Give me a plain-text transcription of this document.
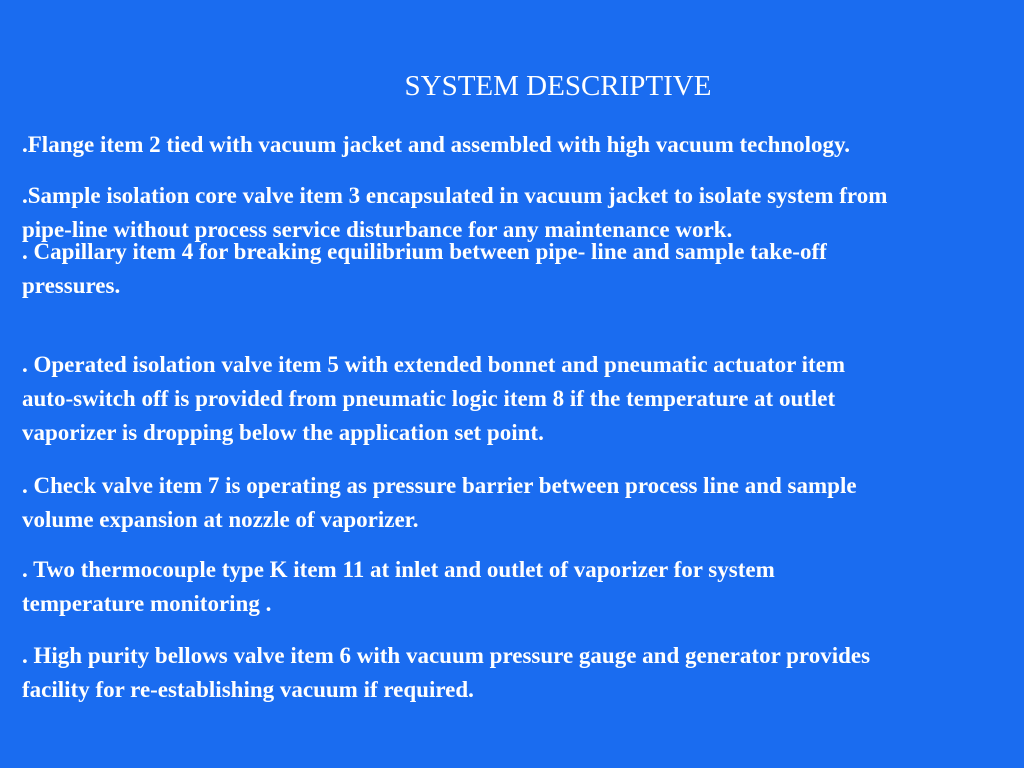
SYSTEM DESCRIPTIVE

.Flange item 2 tied with vacuum jacket and assembled with high vacuum technology.

.Sample isolation core valve item 3 encapsulated in vacuum jacket to isolate system from
pipe-line without process service disturbance for any maintenance work.

. Capillary item 4 for breaking equilibrium between pipe- line and sample take-off
pressures.

. Operated isolation valve item 5 with extended bonnet and pneumatic actuator item
auto-switch off is provided from pneumatic logic item 8 if the temperature at outlet
vaporizer is dropping below the application set point.

. Check valve item 7 is operating as pressure barrier between process line and sample
volume expansion at nozzle of vaporizer.

. Two thermocouple type K item 11 at inlet and outlet of vaporizer for system
temperature monitoring .

. High purity bellows valve item 6 with vacuum pressure gauge and generator provides
facility for re-establishing vacuum if required.
